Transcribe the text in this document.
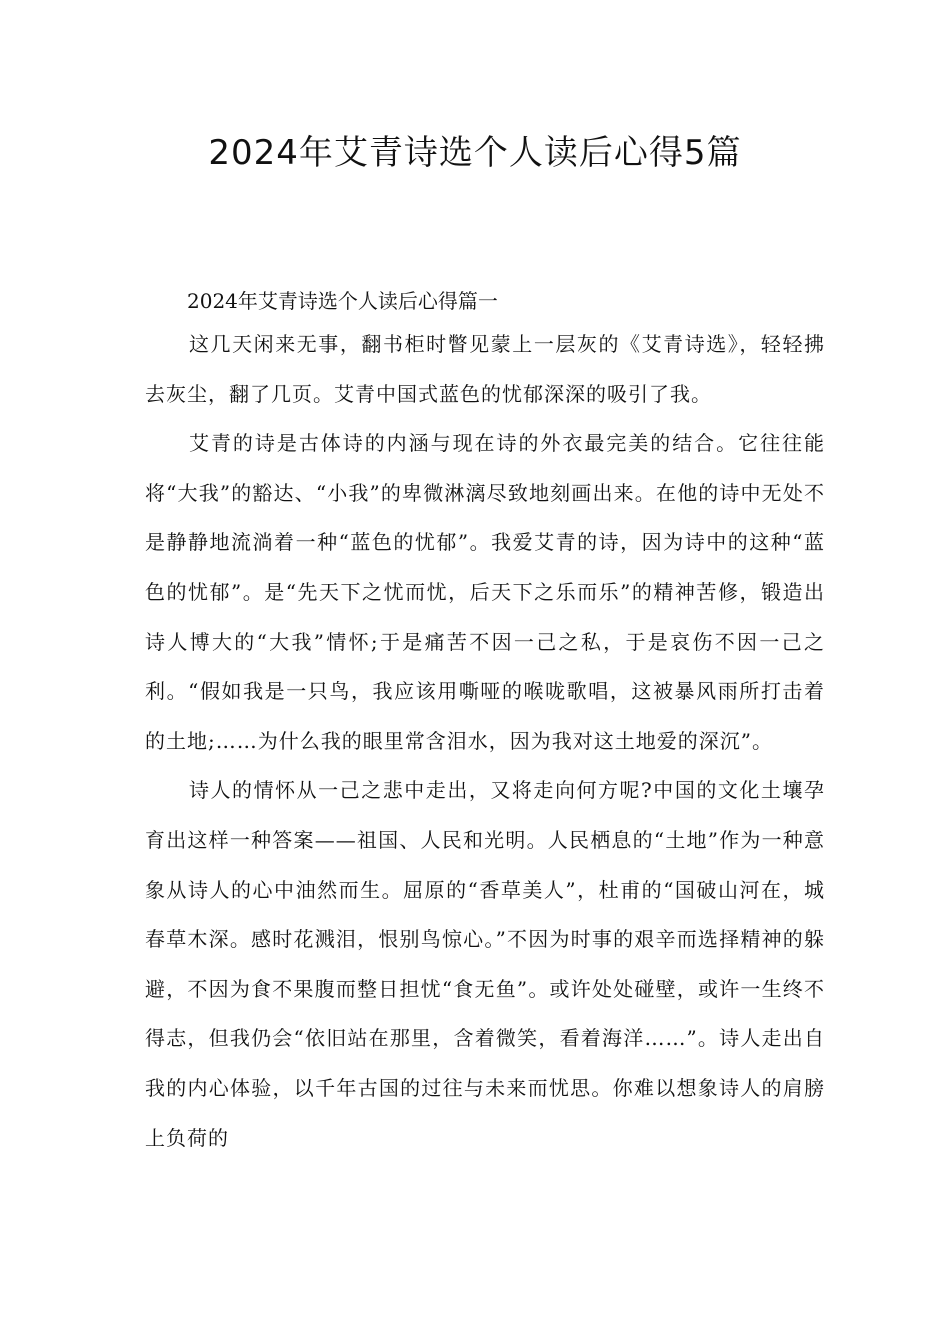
2024年艾青诗选个人读后心得5篇

2024年艾青诗选个人读后心得篇一

这几天闲来无事，翻书柜时瞥见蒙上一层灰的《艾青诗选》，轻轻拂去灰尘，翻了几页。艾青中国式蓝色的忧郁深深的吸引了我。

艾青的诗是古体诗的内涵与现在诗的外衣最完美的结合。它往往能将“大我”的豁达、“小我”的卑微淋漓尽致地刻画出来。在他的诗中无处不是静静地流淌着一种“蓝色的忧郁”。我爱艾青的诗，因为诗中的这种“蓝色的忧郁”。是“先天下之忧而忧，后天下之乐而乐”的精神苦修，锻造出诗人博大的“大我”情怀;于是痛苦不因一己之私，于是哀伤不因一己之利。“假如我是一只鸟，我应该用嘶哑的喉咙歌唱，这被暴风雨所打击着的土地;……为什么我的眼里常含泪水，因为我对这土地爱的深沉”。

诗人的情怀从一己之悲中走出，又将走向何方呢?中国的文化土壤孕育出这样一种答案——祖国、人民和光明。人民栖息的“土地”作为一种意象从诗人的心中油然而生。屈原的“香草美人”，杜甫的“国破山河在，城春草木深。感时花溅泪，恨别鸟惊心。”不因为时事的艰辛而选择精神的躲避，不因为食不果腹而整日担忧“食无鱼”。或许处处碰壁，或许一生终不得志，但我仍会“依旧站在那里，含着微笑，看着海洋……”。诗人走出自我的内心体验，以千年古国的过往与未来而忧思。你难以想象诗人的肩膀上负荷的
